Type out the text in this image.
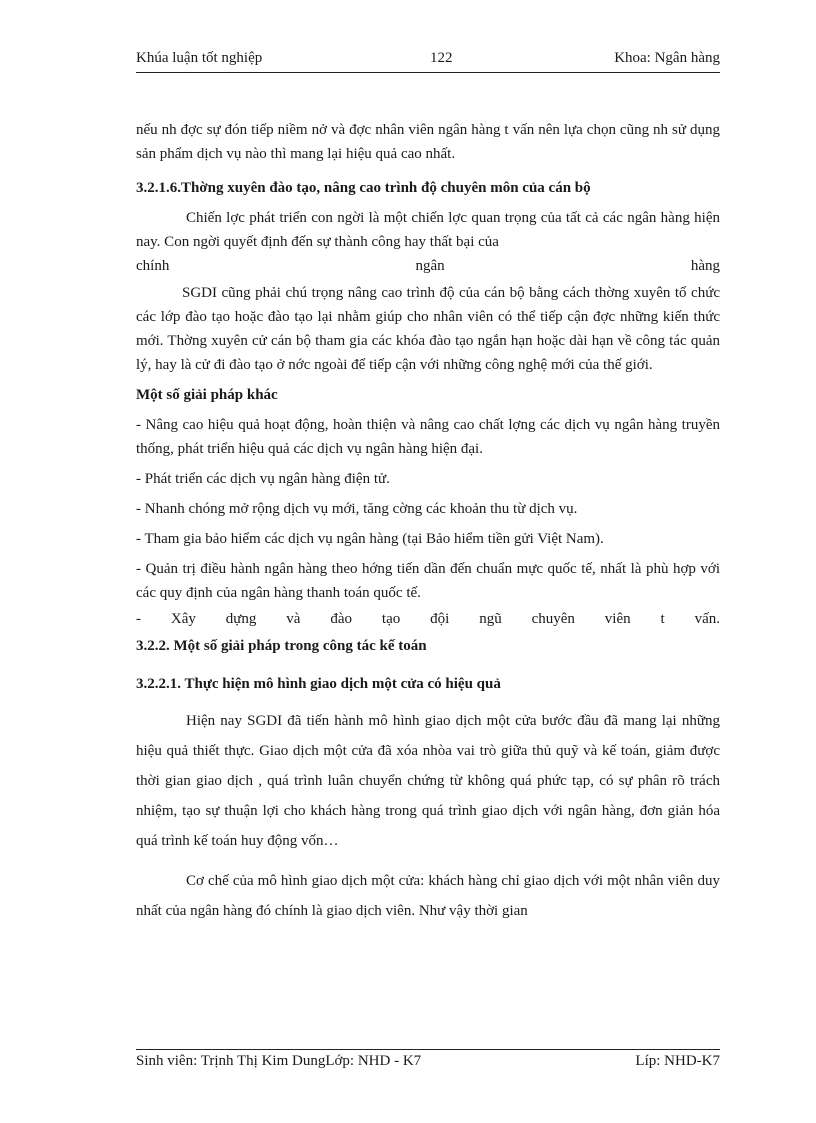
Khúa luận tốt nghiệp	122	Khoa: Ngân hàng

nếu nh đợc sự đón tiếp niềm nở và đợc nhân viên ngân hàng t vấn nên lựa chọn cũng nh sử dụng sản phẩm dịch vụ nào thì mang lại hiệu quả cao nhất.

3.2.1.6.Thờng xuyên đào tạo, nâng cao trình độ chuyên môn của cán bộ

Chiến lợc phát triển con ngời là một chiến lợc quan trọng của tất cả các ngân hàng hiện nay. Con ngời quyết định đến sự thành công hay thất bại của

chính ngân hàng

SGDI cũng phải chú trọng nâng cao trình độ của cán bộ bằng cách thờng xuyên tổ chức các lớp đào tạo hoặc đào tạo lại nhằm giúp cho nhân viên có thể tiếp cận đợc những kiến thức mới. Thờng xuyên cử cán bộ tham gia các khóa đào tạo ngắn hạn hoặc dài hạn về công tác quản lý, hay là cử đi đào tạo ở nớc ngoài để tiếp cận với những công nghệ mới của thế giới.

Một số giải pháp khác

- Nâng cao hiệu quả hoạt động, hoàn thiện và nâng cao chất lợng các dịch vụ ngân hàng truyền thống, phát triển hiệu quả các dịch vụ ngân hàng hiện đại.

- Phát triển các dịch vụ ngân hàng điện tử.

- Nhanh chóng mở rộng dịch vụ mới, tăng cờng các khoản thu từ dịch vụ.

- Tham gia bảo hiểm các dịch vụ ngân hàng (tại Bảo hiểm tiền gửi Việt Nam).

- Quản trị điều hành ngân hàng theo hớng tiến dần đến chuẩn mực quốc tế, nhất là phù hợp với các quy định của ngân hàng thanh toán quốc tế.

- Xây dựng và đào tạo đội ngũ chuyên viên t vấn.

3.2.2. Một số giải pháp trong công tác kế toán

3.2.2.1. Thực hiện mô hình giao dịch một cửa có hiệu quả

Hiện nay SGDI đã tiến hành mô hình giao dịch một cửa bước đầu đã mang lại những hiệu quả thiết thực. Giao dịch một cửa đã xóa nhòa vai trò giữa thủ quỹ và kế toán, giảm được thời gian giao dịch , quá trình luân chuyển chứng từ không quá phức tạp, có sự phân rõ trách nhiệm, tạo sự thuận lợi cho khách hàng trong quá trình giao dịch với ngân hàng, đơn giản hóa quá trình kế toán huy động vốn…

Cơ chế của mô hình giao dịch một cửa: khách hàng chỉ giao dịch với một nhân viên duy nhất của ngân hàng đó chính là giao dịch viên. Như vậy thời gian

Sinh viên: Trịnh Thị Kim DungLớp: NHD - K7	Líp: NHD-K7
